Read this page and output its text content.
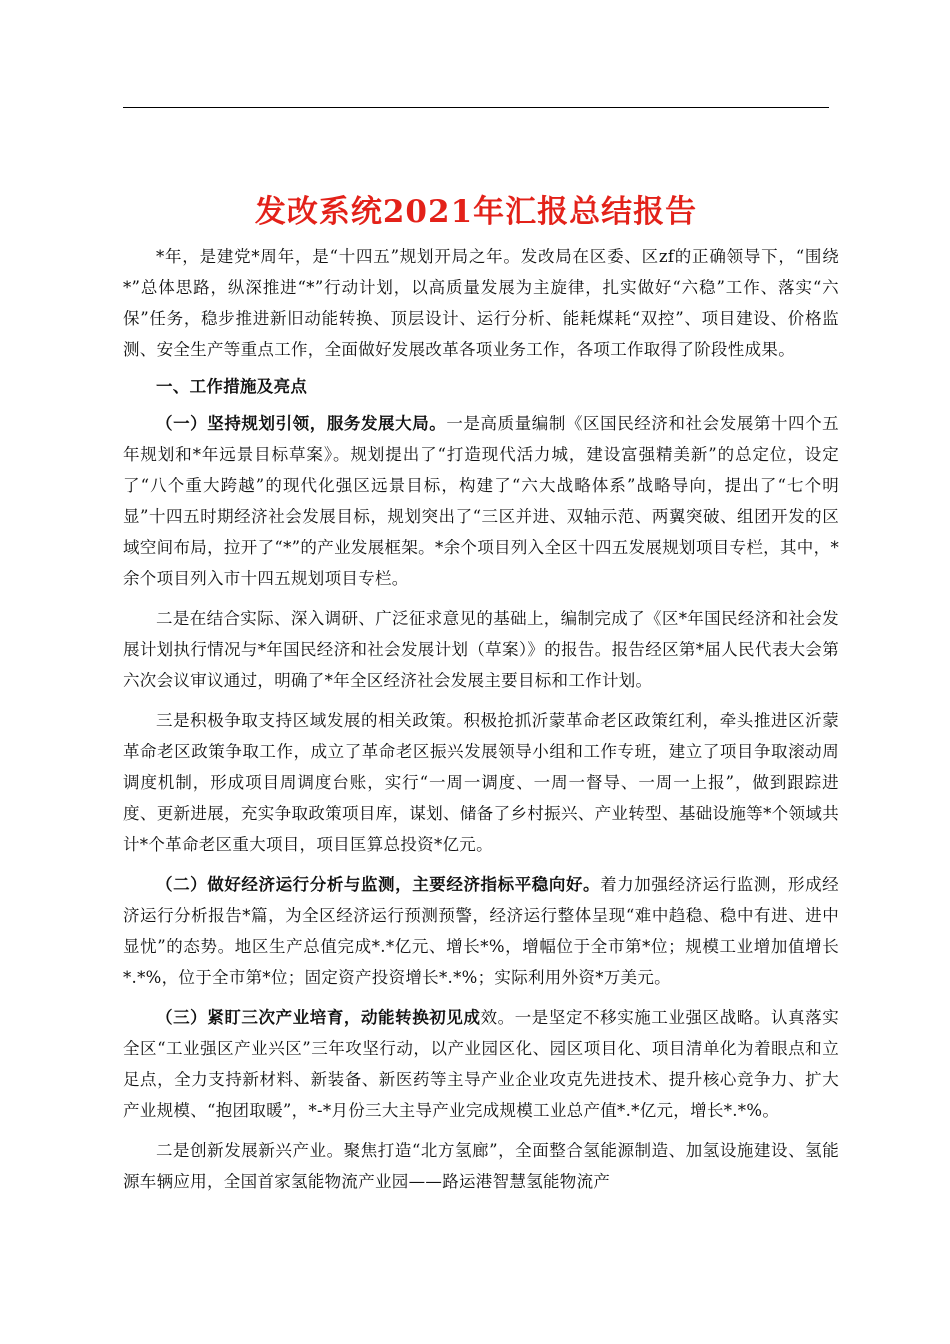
发改系统2021年汇报总结报告

*年，是建党*周年，是“十四五”规划开局之年。发改局在区委、区zf的正确领导下，“围绕*”总体思路，纵深推进“*”行动计划，以高质量发展为主旋律，扎实做好“六稳”工作、落实“六保”任务，稳步推进新旧动能转换、顶层设计、运行分析、能耗煤耗“双控”、项目建设、价格监测、安全生产等重点工作，全面做好发展改革各项业务工作，各项工作取得了阶段性成果。

一、工作措施及亮点

（一）坚持规划引领，服务发展大局。一是高质量编制《区国民经济和社会发展第十四个五年规划和*年远景目标草案》。规划提出了“打造现代活力城，建设富强精美新”的总定位，设定了“八个重大跨越”的现代化强区远景目标，构建了“六大战略体系”战略导向，提出了“七个明显”十四五时期经济社会发展目标，规划突出了“三区并进、双轴示范、两翼突破、组团开发的区域空间布局，拉开了“*”的产业发展框架。*余个项目列入全区十四五发展规划项目专栏，其中，*余个项目列入市十四五规划项目专栏。

二是在结合实际、深入调研、广泛征求意见的基础上，编制完成了《区*年国民经济和社会发展计划执行情况与*年国民经济和社会发展计划（草案）》的报告。报告经区第*届人民代表大会第六次会议审议通过，明确了*年全区经济社会发展主要目标和工作计划。

三是积极争取支持区域发展的相关政策。积极抢抓沂蒙革命老区政策红利，牵头推进区沂蒙革命老区政策争取工作，成立了革命老区振兴发展领导小组和工作专班，建立了项目争取滚动周调度机制，形成项目周调度台账，实行“一周一调度、一周一督导、一周一上报”，做到跟踪进度、更新进展，充实争取政策项目库，谋划、储备了乡村振兴、产业转型、基础设施等*个领域共计*个革命老区重大项目，项目匡算总投资*亿元。

（二）做好经济运行分析与监测，主要经济指标平稳向好。着力加强经济运行监测，形成经济运行分析报告*篇，为全区经济运行预测预警，经济运行整体呈现“难中趋稳、稳中有进、进中显忧”的态势。地区生产总值完成*.*亿元、增长*%，增幅位于全市第*位；规模工业增加值增长*.*%，位于全市第*位；固定资产投资增长*.*%；实际利用外资*万美元。

（三）紧盯三次产业培育，动能转换初见成效。一是坚定不移实施工业强区战略。认真落实全区“工业强区产业兴区”三年攻坚行动，以产业园区化、园区项目化、项目清单化为着眼点和立足点，全力支持新材料、新装备、新医药等主导产业企业攻克先进技术、提升核心竞争力、扩大产业规模、“抱团取暖”，*-*月份三大主导产业完成规模工业总产值*.*亿元，增长*.*%。

二是创新发展新兴产业。聚焦打造“北方氢廊”，全面整合氢能源制造、加氢设施建设、氢能源车辆应用，全国首家氢能物流产业园——路运港智慧氢能物流产
